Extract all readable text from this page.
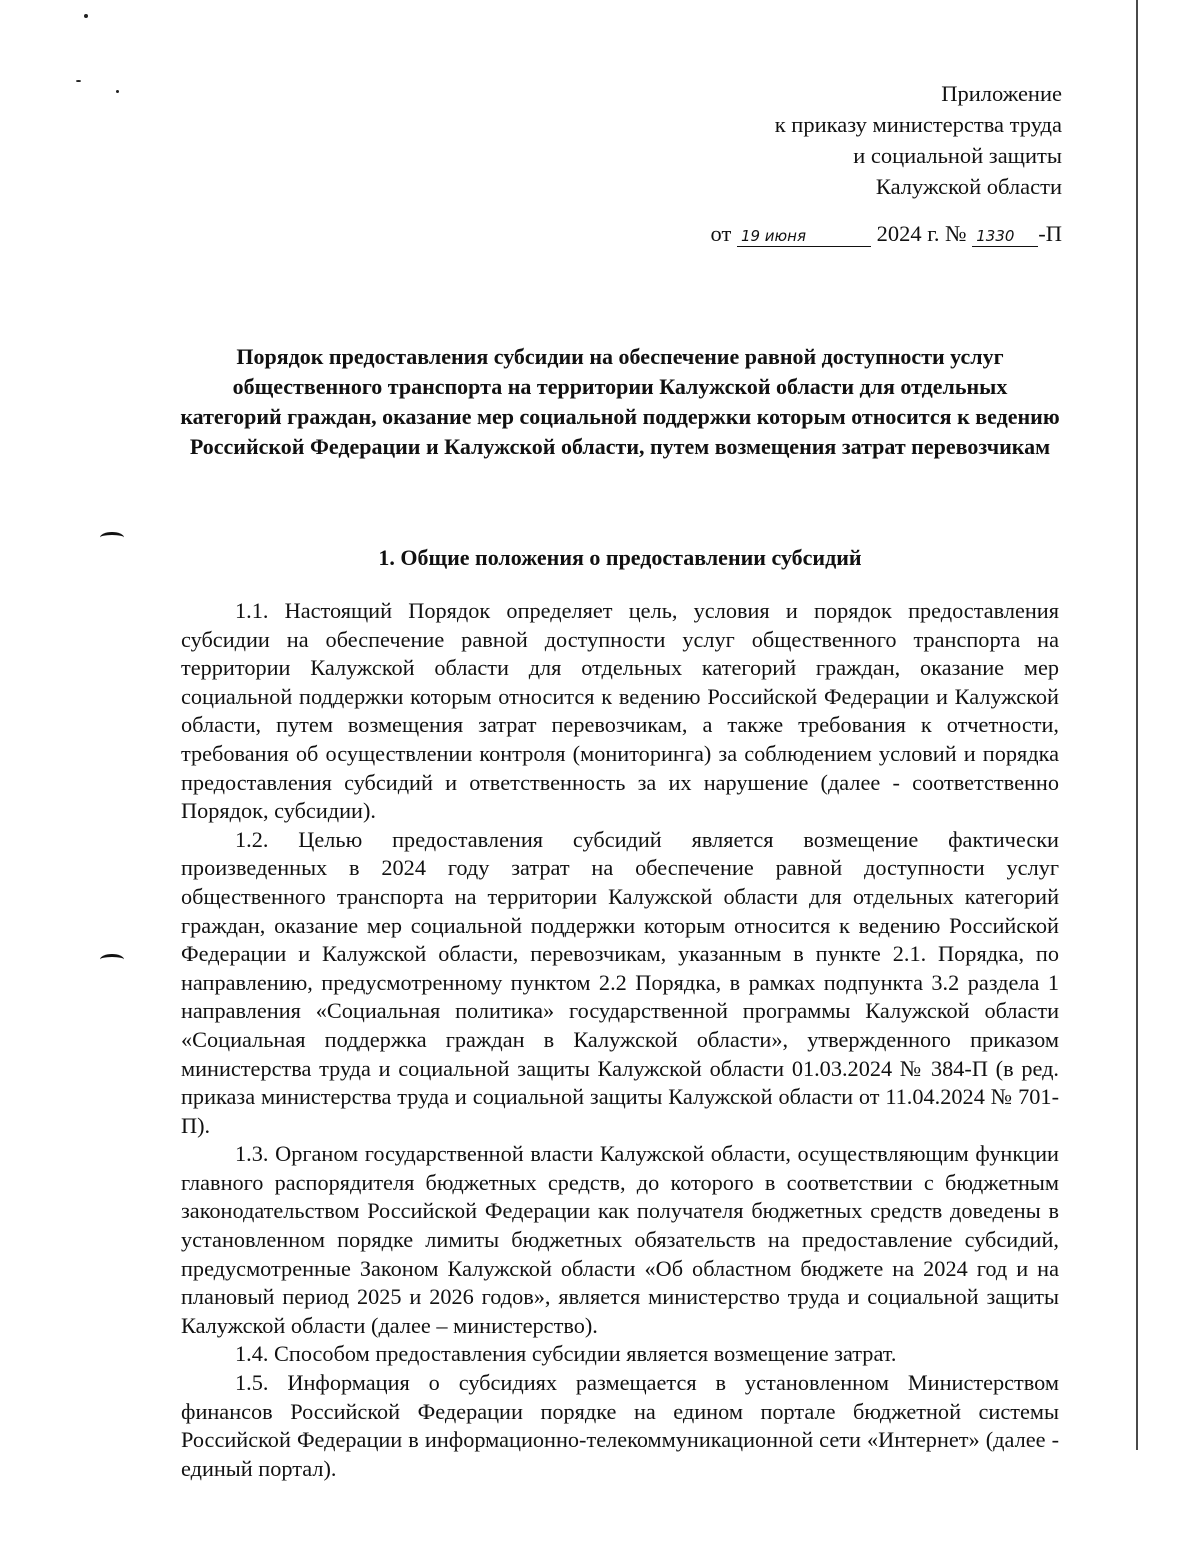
Приложение
к приказу министерства труда
и социальной защиты
Калужской области
от 19 июня	2024 г. № 1330 -П
Порядок предоставления субсидии на обеспечение равной доступности услуг общественного транспорта на территории Калужской области для отдельных категорий граждан, оказание мер социальной поддержки которым относится к ведению Российской Федерации и Калужской области, путем возмещения затрат перевозчикам
1. Общие положения о предоставлении субсидий

1.1. Настоящий Порядок определяет цель, условия и порядок предоставления субсидии на обеспечение равной доступности услуг общественного транспорта на территории Калужской области для отдельных категорий граждан, оказание мер социальной поддержки которым относится к ведению Российской Федерации и Калужской области, путем возмещения затрат перевозчикам, а также требования к отчетности, требования об осуществлении контроля (мониторинга) за соблюдением условий и порядка предоставления субсидий и ответственность за их нарушение (далее - соответственно Порядок, субсидии).

1.2. Целью предоставления субсидий является возмещение фактически произведенных в 2024 году затрат на обеспечение равной доступности услуг общественного транспорта на территории Калужской области для отдельных категорий граждан, оказание мер социальной поддержки которым относится к ведению Российской Федерации и Калужской области, перевозчикам, указанным в пункте 2.1. Порядка, по направлению, предусмотренному пунктом 2.2 Порядка, в рамках подпункта 3.2 раздела 1 направления «Социальная политика» государственной программы Калужской области «Социальная поддержка граждан в Калужской области», утвержденного приказом министерства труда и социальной защиты Калужской области 01.03.2024 № 384-П (в ред. приказа министерства труда и социальной защиты Калужской области от 11.04.2024 № 701-П).

1.3. Органом государственной власти Калужской области, осуществляющим функции главного распорядителя бюджетных средств, до которого в соответствии с бюджетным законодательством Российской Федерации как получателя бюджетных средств доведены в установленном порядке лимиты бюджетных обязательств на предоставление субсидий, предусмотренные Законом Калужской области «Об областном бюджете на 2024 год и на плановый период 2025 и 2026 годов», является министерство труда и социальной защиты Калужской области (далее – министерство).

1.4. Способом предоставления субсидии является возмещение затрат.

1.5. Информация о субсидиях размещается в установленном Министерством финансов Российской Федерации порядке на едином портале бюджетной системы Российской Федерации в информационно-телекоммуникационной сети «Интернет» (далее - единый портал).
